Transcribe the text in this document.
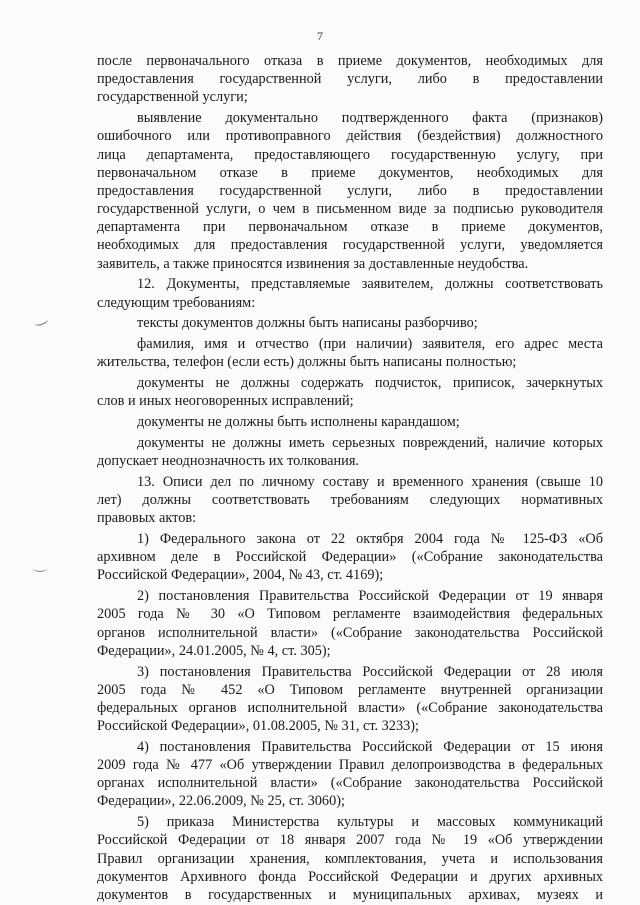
7
после первоначального отказа в приеме документов, необходимых для
предоставления государственной услуги, либо в предоставлении
государственной услуги;
выявление документально подтвержденного факта (признаков)
ошибочного или противоправного действия (бездействия) должностного
лица департамента, предоставляющего государственную услугу, при
первоначальном отказе в приеме документов, необходимых для
предоставления государственной услуги, либо в предоставлении
государственной услуги, о чем в письменном виде за подписью руководителя
департамента при первоначальном отказе в приеме документов,
необходимых для предоставления государственной услуги, уведомляется
заявитель, а также приносятся извинения за доставленные неудобства.
12. Документы, представляемые заявителем, должны соответствовать
следующим требованиям:
тексты документов должны быть написаны разборчиво;
фамилия, имя и отчество (при наличии) заявителя, его адрес места
жительства, телефон (если есть) должны быть написаны полностью;
документы не должны содержать подчисток, приписок, зачеркнутых
слов и иных неоговоренных исправлений;
документы не должны быть исполнены карандашом;
документы не должны иметь серьезных повреждений, наличие которых
допускает неоднозначность их толкования.
13. Описи дел по личному составу и временного хранения (свыше 10
лет) должны соответствовать требованиям следующих нормативных
правовых актов:
1) Федерального закона от 22 октября 2004 года № 125-ФЗ «Об
архивном деле в Российской Федерации» («Собрание законодательства
Российской Федерации», 2004, № 43, ст. 4169);
2) постановления Правительства Российской Федерации от 19 января
2005 года № 30 «О Типовом регламенте взаимодействия федеральных
органов исполнительной власти» («Собрание законодательства Российской
Федерации», 24.01.2005, № 4, ст. 305);
3) постановления Правительства Российской Федерации от 28 июля
2005 года № 452 «О Типовом регламенте внутренней организации
федеральных органов исполнительной власти» («Собрание законодательства
Российской Федерации», 01.08.2005, № 31, ст. 3233);
4) постановления Правительства Российской Федерации от 15 июня
2009 года № 477 «Об утверждении Правил делопроизводства в федеральных
органах исполнительной власти» («Собрание законодательства Российской
Федерации», 22.06.2009, № 25, ст. 3060);
5) приказа Министерства культуры и массовых коммуникаций
Российской Федерации от 18 января 2007 года № 19 «Об утверждении
Правил организации хранения, комплектования, учета и использования
документов Архивного фонда Российской Федерации и других архивных
документов в государственных и муниципальных архивах, музеях и
